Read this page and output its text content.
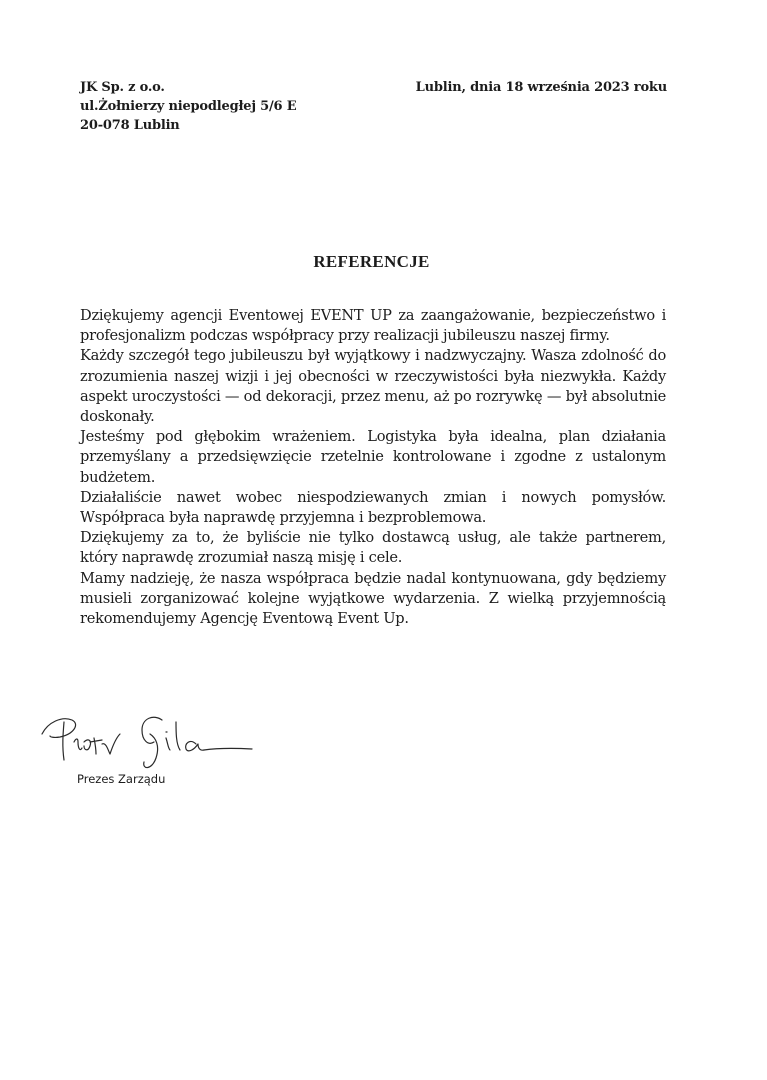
JK Sp. z o.o.
ul.Żołnierzy niepodległej 5/6 E
20-078 Lublin
Lublin, dnia 18 września 2023 roku
REFERENCJE

Dziękujemy agencji Eventowej EVENT UP za zaangażowanie, bezpieczeństwo i profesjonalizm podczas współpracy przy realizacji jubileuszu naszej firmy.

Każdy szczegół tego jubileuszu był wyjątkowy i nadzwyczajny. Wasza zdolność do zrozumienia naszej wizji i jej obecności w rzeczywistości była niezwykła. Każdy aspekt uroczystości — od dekoracji, przez menu, aż po rozrywkę — był absolutnie doskonały.

Jesteśmy pod głębokim wrażeniem. Logistyka była idealna, plan działania przemyślany a przedsięwzięcie rzetelnie kontrolowane i zgodne z ustalonym budżetem.

Działaliście nawet wobec niespodziewanych zmian i nowych pomysłów. Współpraca była naprawdę przyjemna i bezproblemowa.

Dziękujemy za to, że byliście nie tylko dostawcą usług, ale także partnerem, który naprawdę zrozumiał naszą misję i cele.

Mamy nadzieję, że nasza współpraca będzie nadal kontynuowana, gdy będziemy musieli zorganizować kolejne wyjątkowe wydarzenia. Z wielką przyjemnością rekomendujemy Agencję Eventową Event Up.

Prezes Zarządu
